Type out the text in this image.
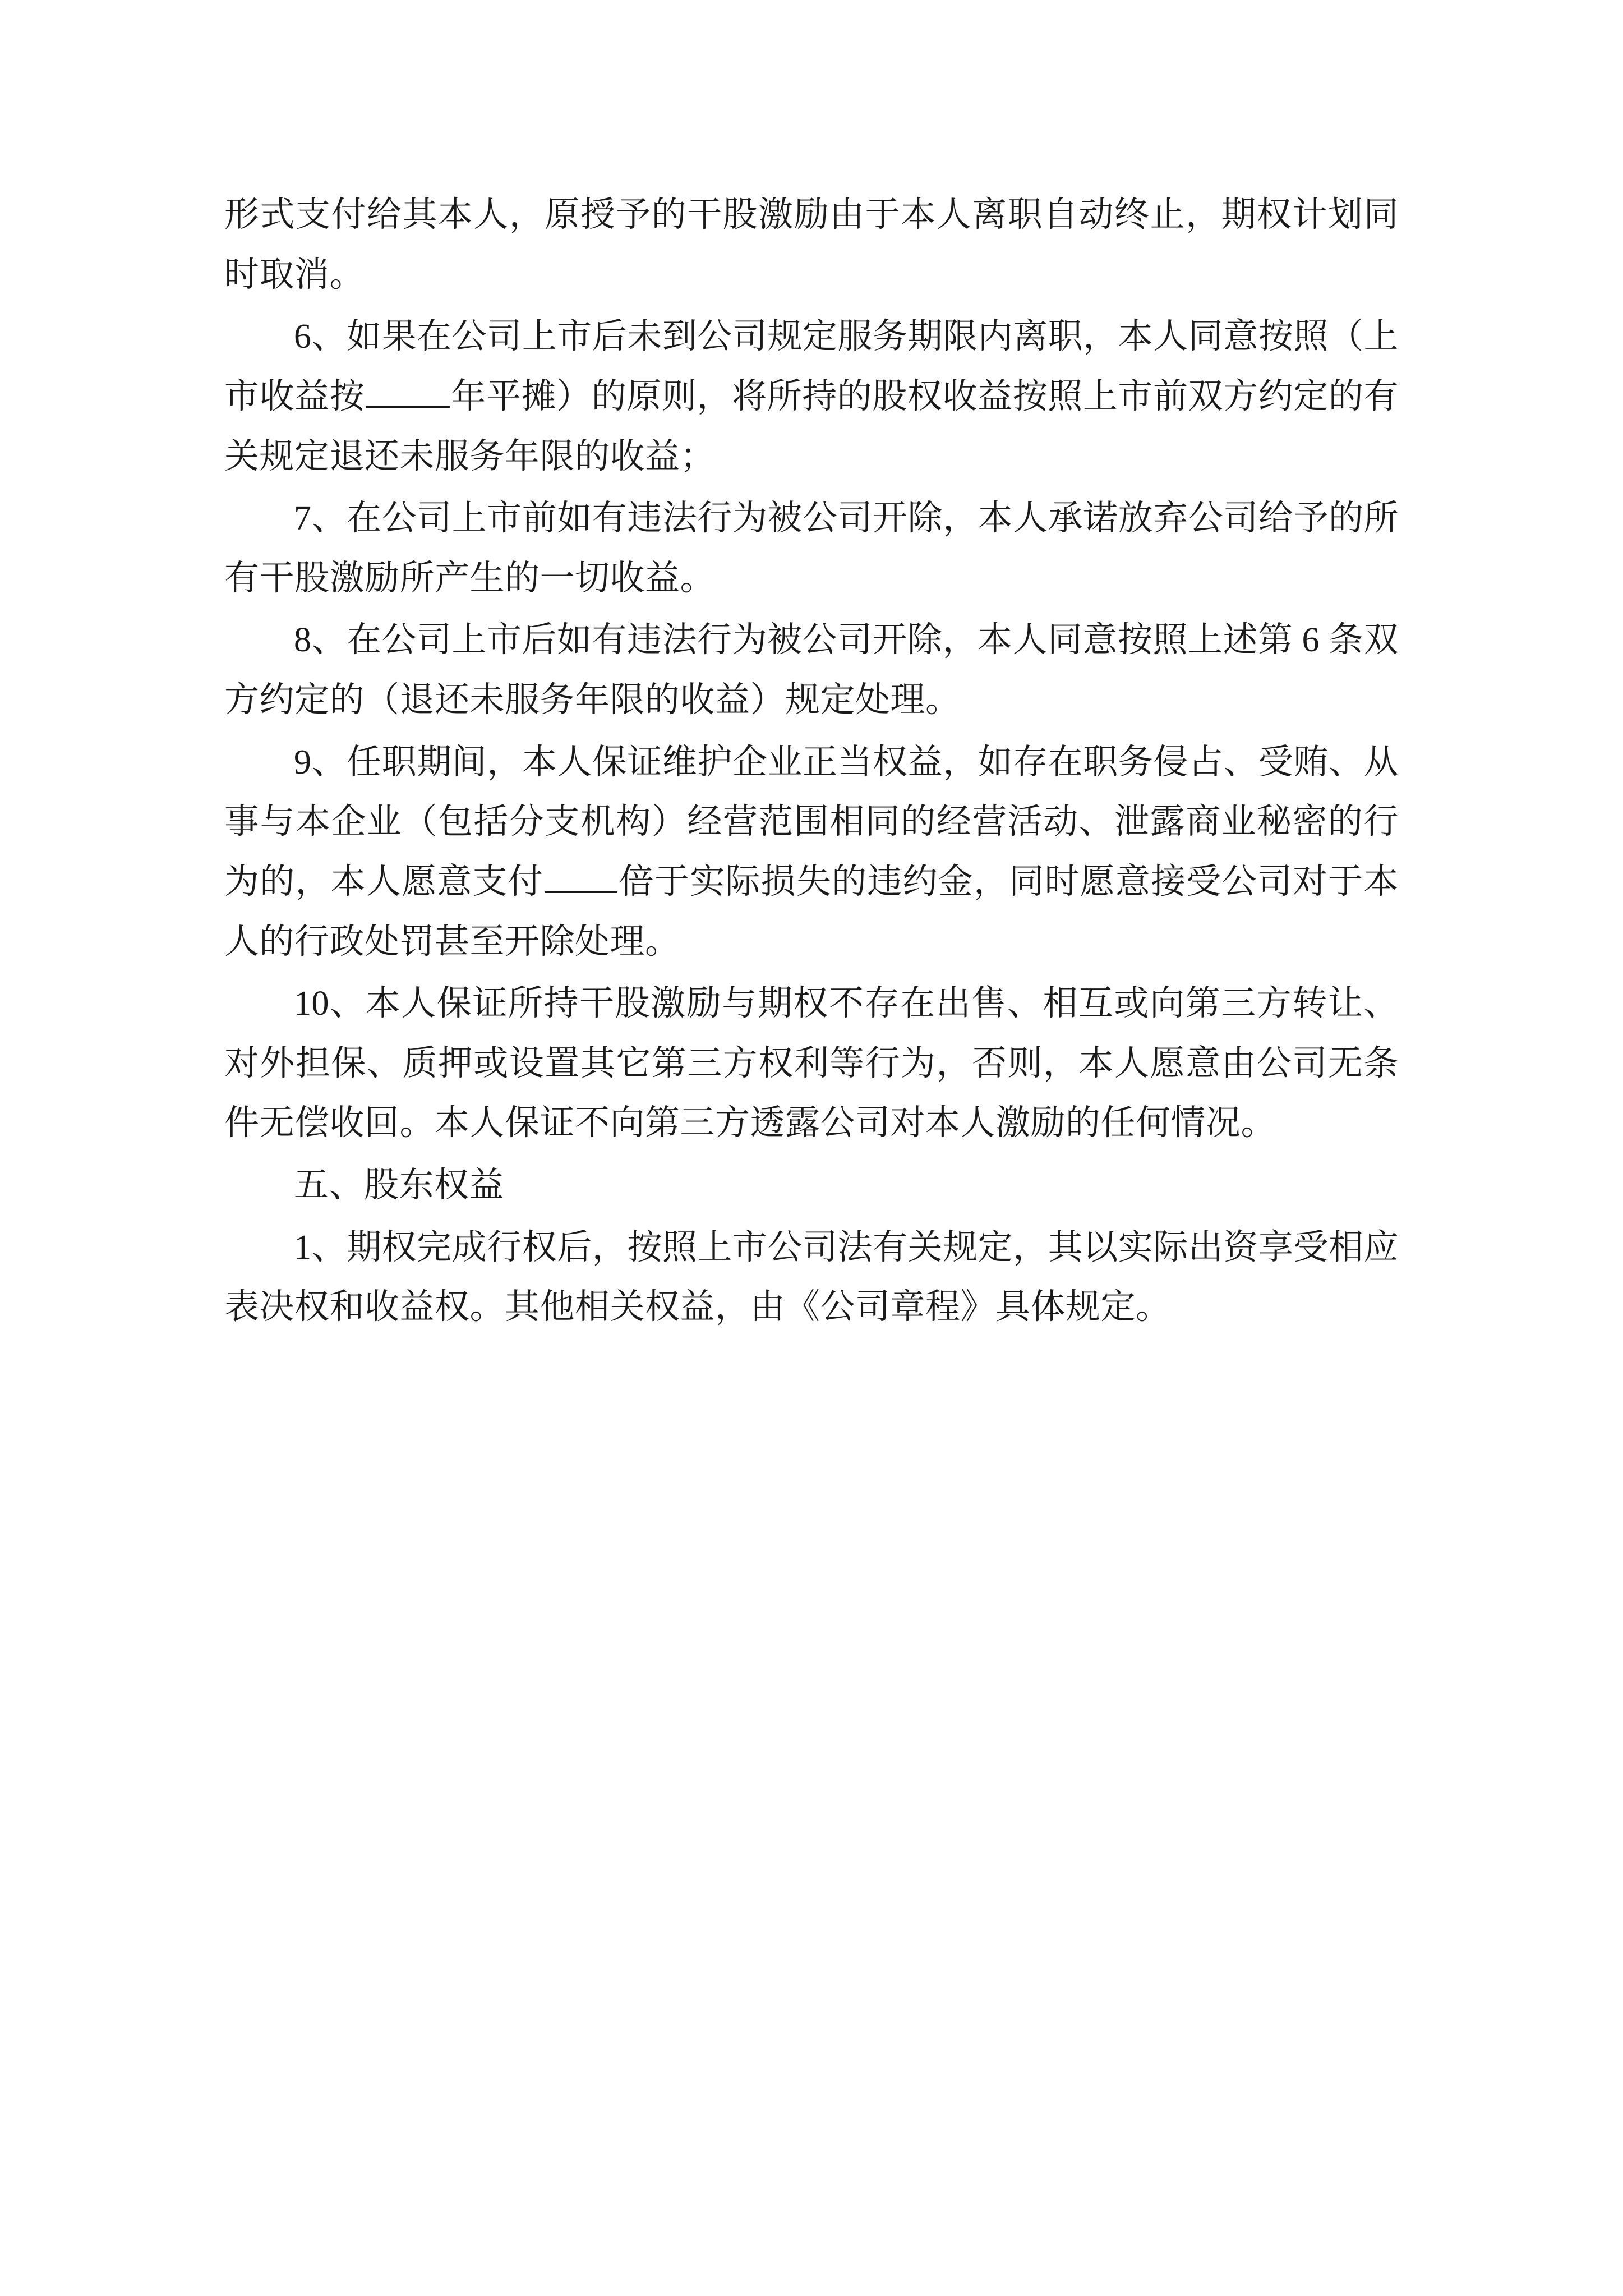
形式支付给其本人，原授予的干股激励由于本人离职自动终止，期权计划同时取消。

6、如果在公司上市后未到公司规定服务期限内离职，本人同意按照（上市收益按 年平摊）的原则，将所持的股权收益按照上市前双方约定的有关规定退还未服务年限的收益；

7、在公司上市前如有违法行为被公司开除，本人承诺放弃公司给予的所有干股激励所产生的一切收益。

8、在公司上市后如有违法行为被公司开除，本人同意按照上述第 6 条双方约定的（退还未服务年限的收益）规定处理。

9、任职期间，本人保证维护企业正当权益，如存在职务侵占、受贿、从事与本企业（包括分支机构）经营范围相同的经营活动、泄露商业秘密的行为的，本人愿意支付 倍于实际损失的违约金，同时愿意接受公司对于本人的行政处罚甚至开除处理。

10、本人保证所持干股激励与期权不存在出售、相互或向第三方转让、对外担保、质押或设置其它第三方权利等行为，否则，本人愿意由公司无条件无偿收回。本人保证不向第三方透露公司对本人激励的任何情况。

五、股东权益

1、期权完成行权后，按照上市公司法有关规定，其以实际出资享受相应表决权和收益权。其他相关权益，由《公司章程》具体规定。
